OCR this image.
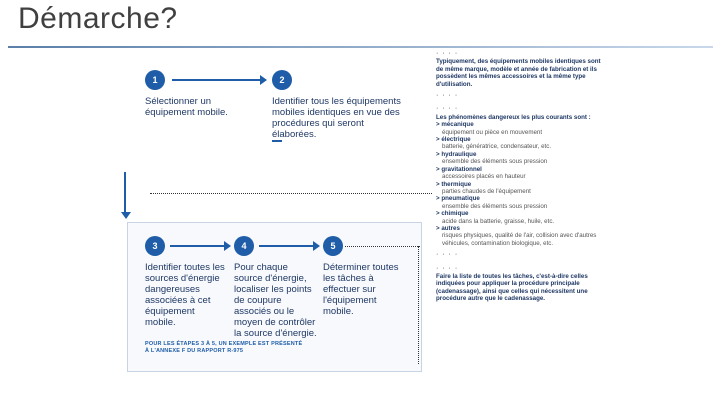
Démarche?
1	2
Sélectionner un équipement mobile.
Identifier tous les équipements mobiles identiques en vue des procédures qui seront élaborées.
3	4	5
Identifier toutes les sources d'énergie dangereuses associées à cet équipement mobile.
Pour chaque source d'énergie, localiser les points de coupure associés ou le moyen de contrôler la source d'énergie.
Déterminer toutes les tâches à effectuer sur l'équipement mobile.
POUR LES ÉTAPES 3 À 5, UN EXEMPLE EST PRÉSENTÉ
À L'ANNEXE F DU RAPPORT R-975
· · · ·
Typiquement, des équipements mobiles identiques sont de même marque, modèle et année de fabrication et ils possèdent les mêmes accessoires et la même type d'utilisation.
· · · ·
· · · ·
Les phénomènes dangereux les plus courants sont :
> mécanique
équipement ou pièce en mouvement
> électrique
batterie, génératrice, condensateur, etc.
> hydraulique
ensemble des éléments sous pression
> gravitationnel
accessoires placés en hauteur
> thermique
parties chaudes de l'équipement
> pneumatique
ensemble des éléments sous pression
> chimique
acide dans la batterie, graisse, huile, etc.
> autres
risques physiques, qualité de l'air, collision avec d'autres véhicules, contamination biologique, etc.
· · · ·
· · · ·
Faire la liste de toutes les tâches, c'est-à-dire celles indiquées pour appliquer la procédure principale (cadenassage), ainsi que celles qui nécessitent une procédure autre que le cadenassage.
